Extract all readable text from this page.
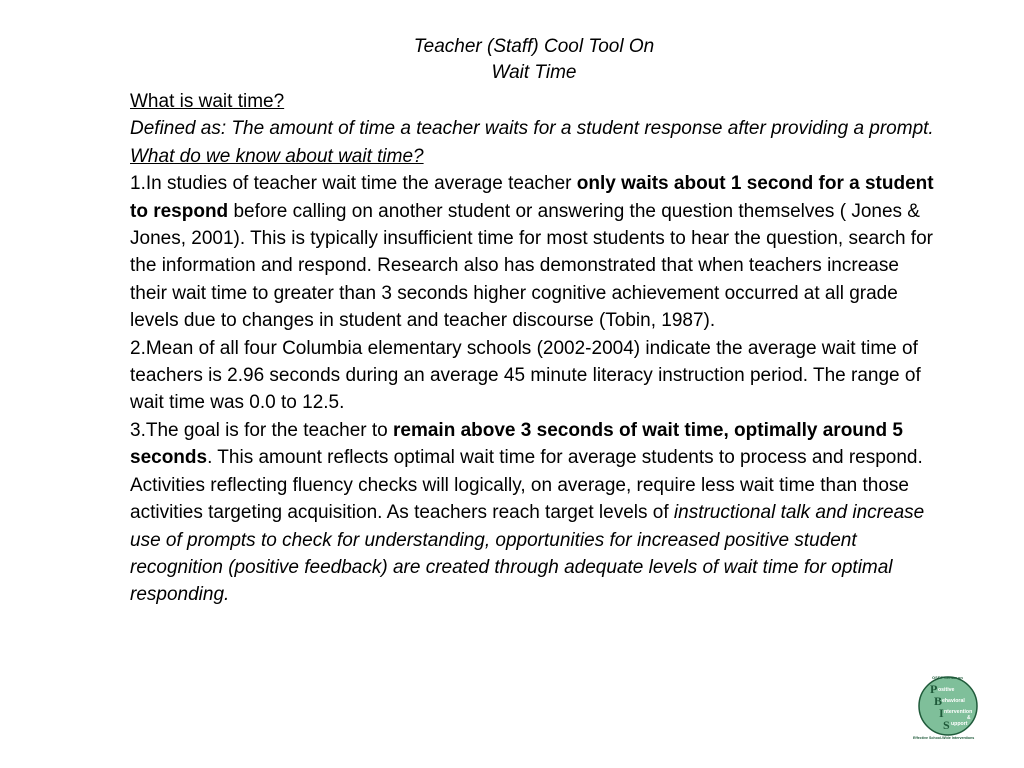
Teacher (Staff) Cool Tool On
Wait Time

What is wait time?

Defined as: The amount of time a teacher waits for a student response after providing a prompt.

What do we know about wait time?

1.In studies of teacher wait time the average teacher only waits about 1 second for a student to respond before calling on another student or answering the question themselves ( Jones & Jones, 2001). This is typically insufficient time for most students to hear the question, search for the information and respond. Research also has demonstrated that when teachers increase their wait time to greater than 3 seconds higher cognitive achievement occurred at all grade levels due to changes in student and teacher discourse (Tobin, 1987).

2.Mean of all four Columbia elementary schools (2002-2004) indicate the average wait time of teachers is 2.96 seconds during an average 45 minute literacy instruction period. The range of wait time was 0.0 to 12.5.

3.The goal is for the teacher to remain above 3 seconds of wait time, optimally around 5 seconds. This amount reflects optimal wait time for average students to process and respond. Activities reflecting fluency checks will logically, on average, require less wait time than those activities targeting acquisition. As teachers reach target levels of instructional talk and increase use of prompts to check for understanding, opportunities for increased positive student recognition (positive feedback) are created through adequate levels of wait time for optimal responding.

OSEP Center on
P ositive
B ehavioral
I ntervention
&
S upport
Effective School-Wide Interventions
